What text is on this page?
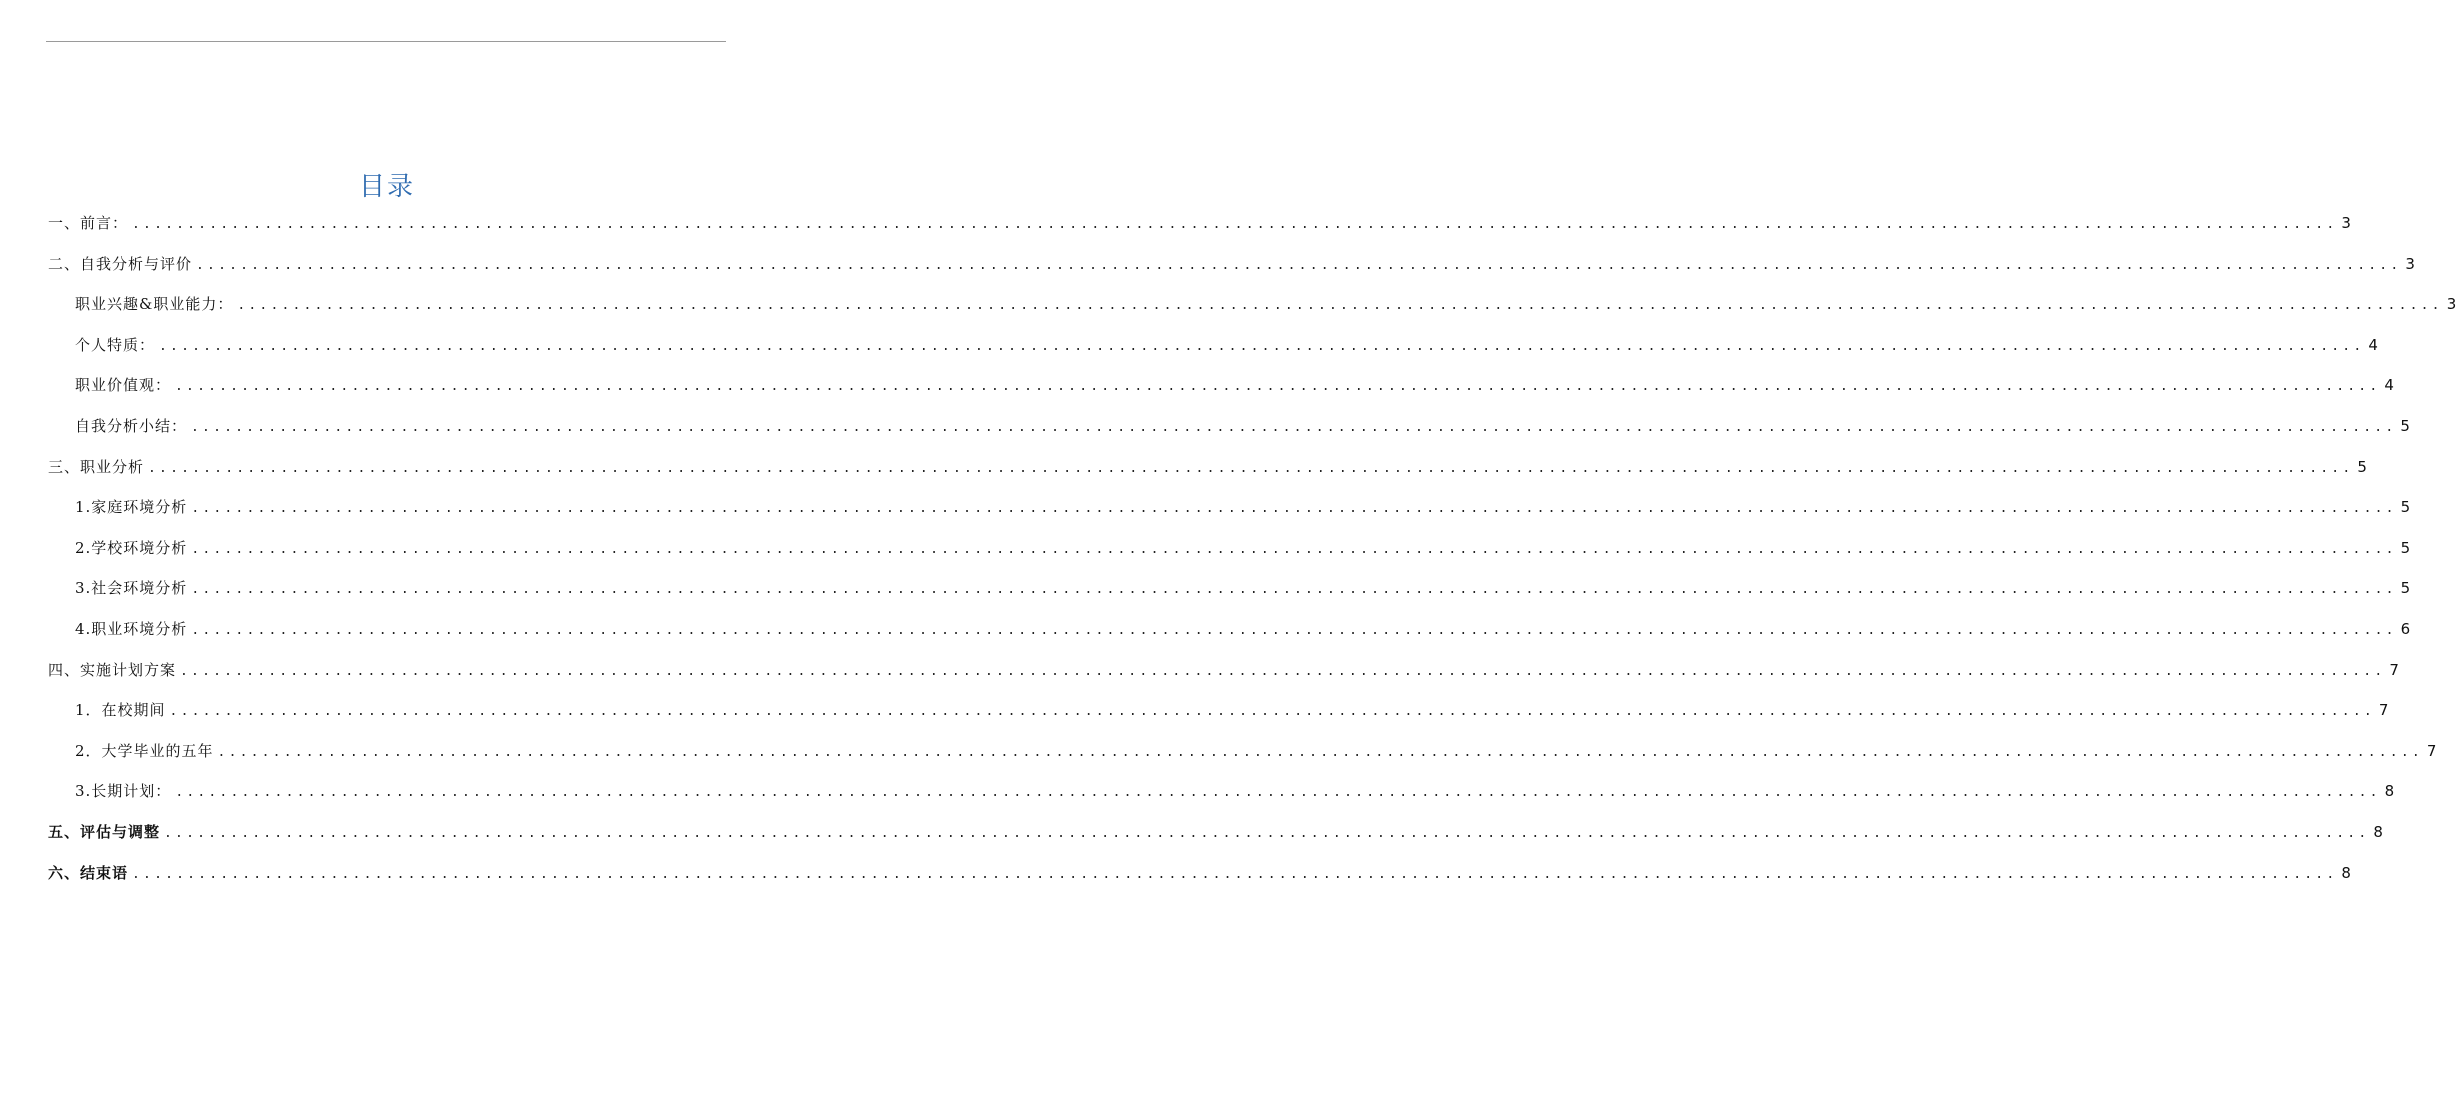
目录
一、前言： ........................................................................................................................................................................................................ 3
二、自我分析与评价 ........................................................................................................................................................................................................ 3
职业兴趣&职业能力： ........................................................................................................................................................................................................ 3
个人特质： ........................................................................................................................................................................................................ 4
职业价值观： ........................................................................................................................................................................................................ 4
自我分析小结： ........................................................................................................................................................................................................ 5
三、职业分析 ........................................................................................................................................................................................................ 5
1.家庭环境分析 ........................................................................................................................................................................................................ 5
2.学校环境分析 ........................................................................................................................................................................................................ 5
3.社会环境分析 ........................................................................................................................................................................................................ 5
4.职业环境分析 ........................................................................................................................................................................................................ 6
四、实施计划方案 ........................................................................................................................................................................................................ 7
1．在校期间 ........................................................................................................................................................................................................ 7
2．大学毕业的五年 ........................................................................................................................................................................................................ 7
3.长期计划： ........................................................................................................................................................................................................ 8
五、评估与调整 ........................................................................................................................................................................................................ 8
六、结束语 ........................................................................................................................................................................................................ 8
